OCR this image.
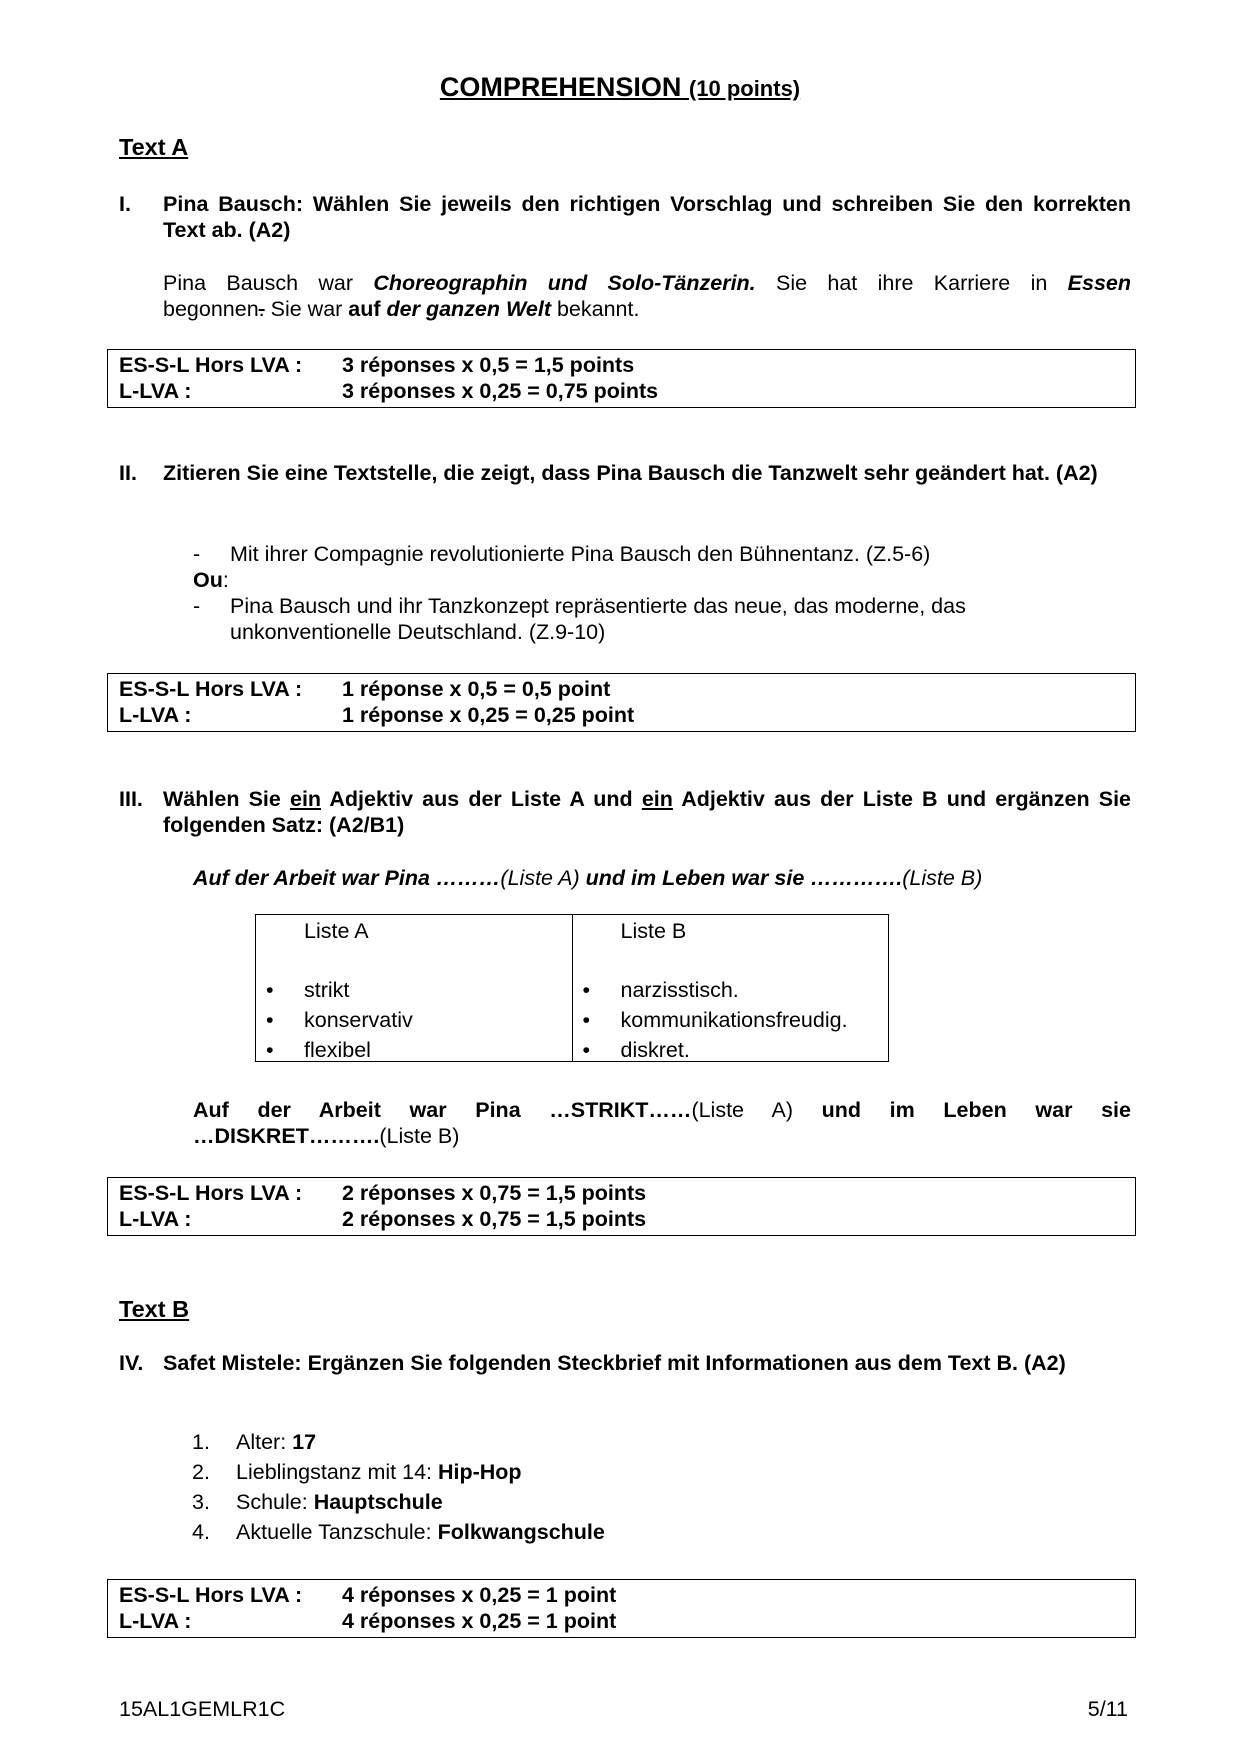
COMPREHENSION (10 points)
Text A
I. Pina Bausch: Wählen Sie jeweils den richtigen Vorschlag und schreiben Sie den korrekten Text ab. (A2)
Pina Bausch war Choreographin und Solo-Tänzerin. Sie hat ihre Karriere in Essen
begonnen. Sie war auf der ganzen Welt bekannt.
ES-S-L Hors LVA : 3 réponses x 0,5 = 1,5 points
L-LVA :	3 réponses x 0,25 = 0,75 points
II. Zitieren Sie eine Textstelle, die zeigt, dass Pina Bausch die Tanzwelt sehr geändert hat. (A2)
- Mit ihrer Compagnie revolutionierte Pina Bausch den Bühnentanz. (Z.5-6)
Ou:
- Pina Bausch und ihr Tanzkonzept repräsentierte das neue, das moderne, das
unkonventionelle Deutschland. (Z.9-10)
ES-S-L Hors LVA : 1 réponse x 0,5 = 0,5 point
L-LVA :	1 réponse x 0,25 = 0,25 point
III. Wählen Sie ein Adjektiv aus der Liste A und ein Adjektiv aus der Liste B und ergänzen Sie folgenden Satz: (A2/B1)
Auf der Arbeit war Pina ………(Liste A) und im Leben war sie ………….(Liste B)
Liste A
• strikt
• konservativ
• flexibel

Liste B
• narzisstisch.
• kommunikationsfreudig.
• diskret.
Auf der Arbeit war Pina …STRIKT……(Liste A) und im Leben war sie
…DISKRET……….(Liste B)
ES-S-L Hors LVA : 2 réponses x 0,75 = 1,5 points
L-LVA :	2 réponses x 0,75 = 1,5 points
Text B
IV. Safet Mistele: Ergänzen Sie folgenden Steckbrief mit Informationen aus dem Text B. (A2)
1. Alter: 17
2. Lieblingstanz mit 14: Hip-Hop
3. Schule: Hauptschule
4. Aktuelle Tanzschule: Folkwangschule
ES-S-L Hors LVA : 4 réponses x 0,25 = 1 point
L-LVA :	4 réponses x 0,25 = 1 point
15AL1GEMLR1C	5/11
